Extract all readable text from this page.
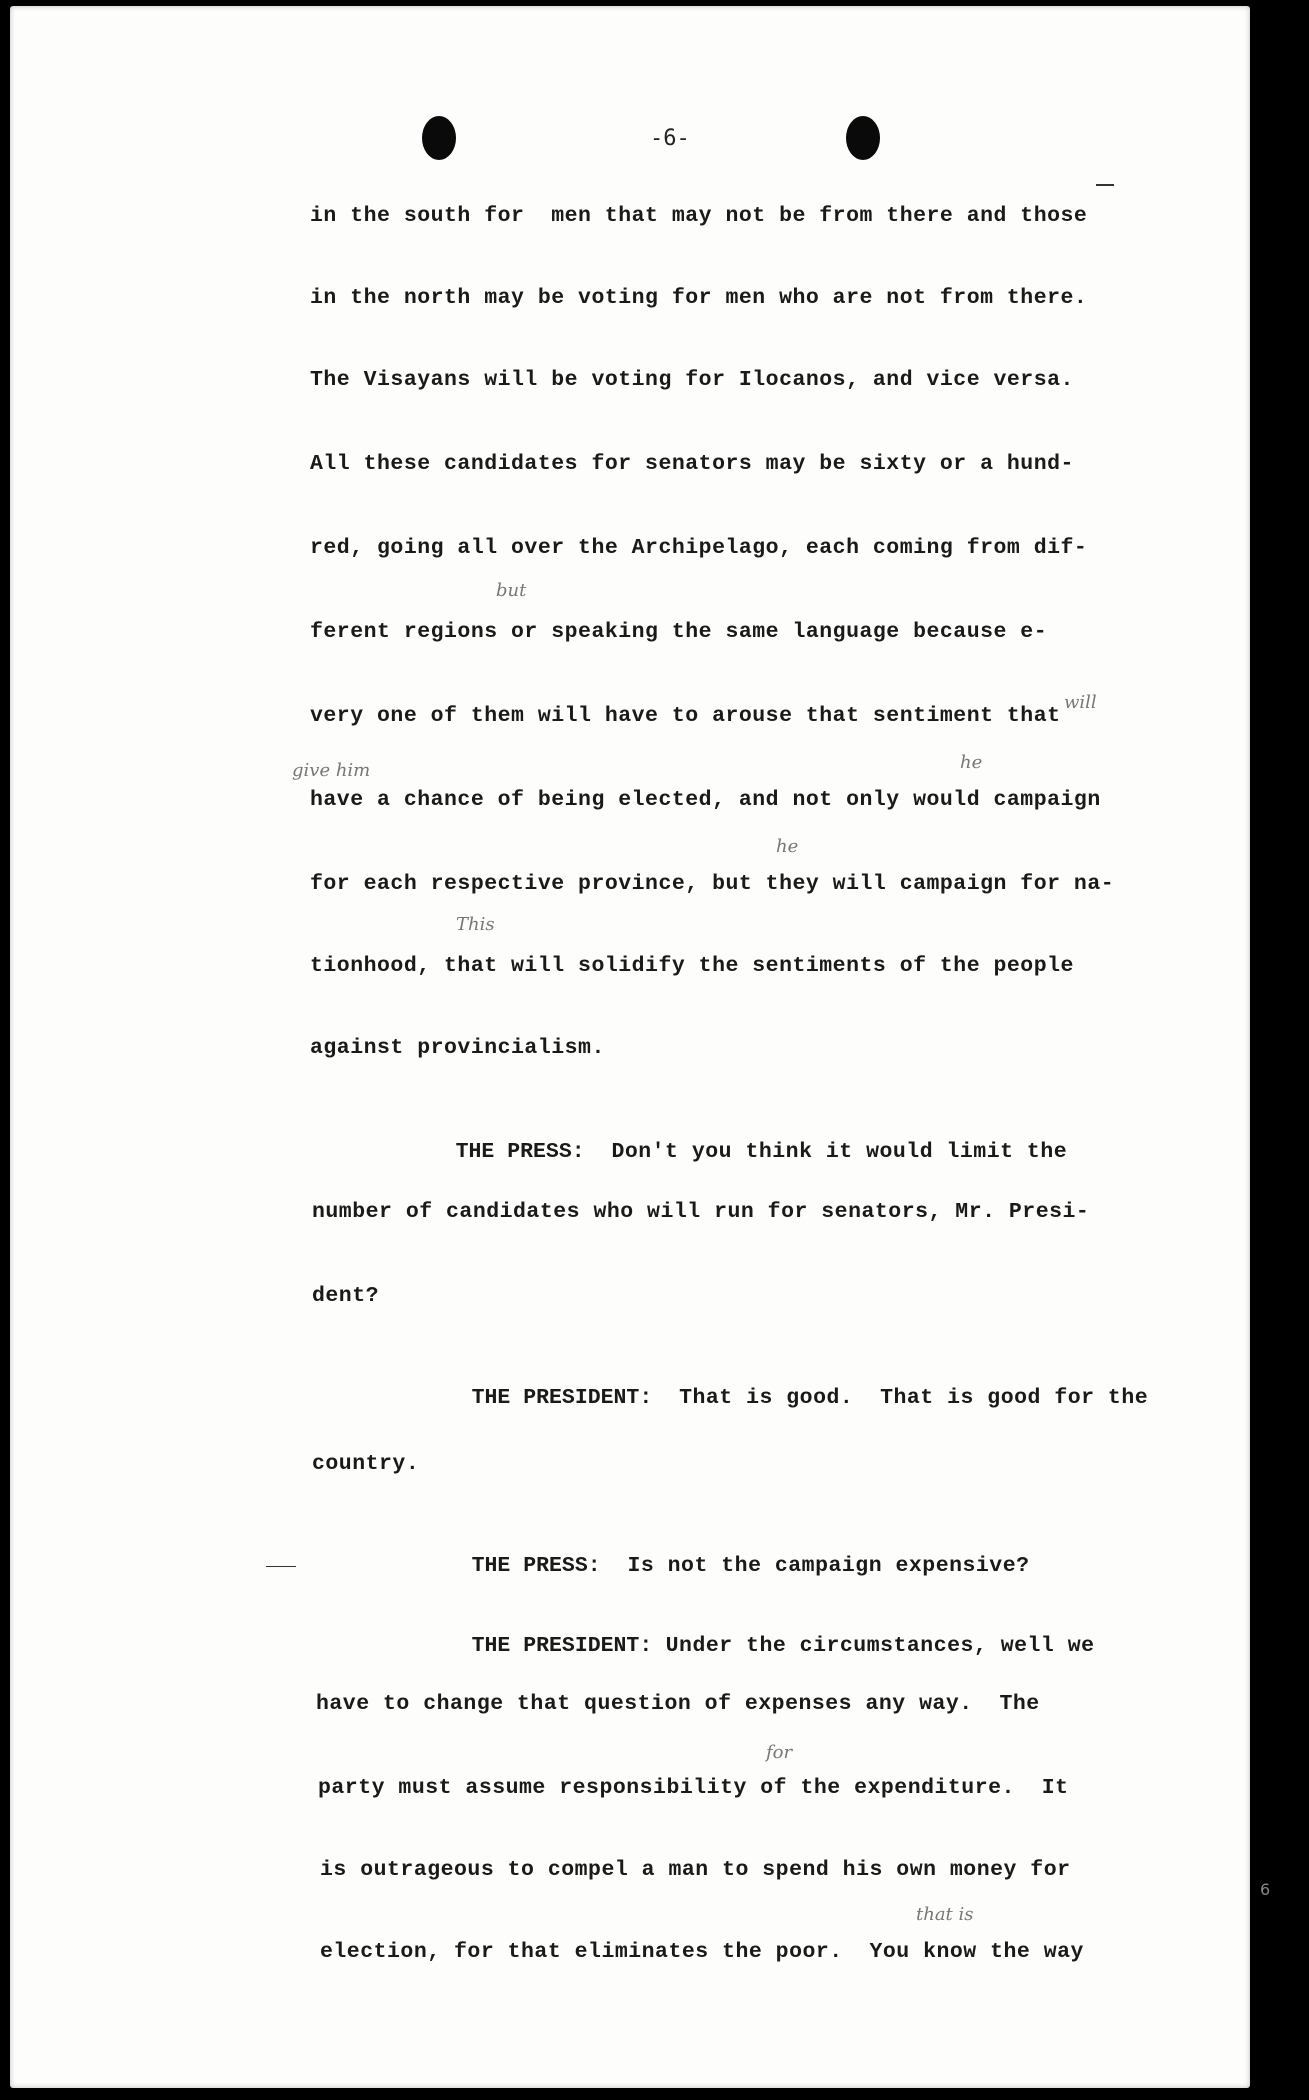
-6-
in the south for  men that may not be from there and those
in the north may be voting for men who are not from there.
The Visayans will be voting for Ilocanos, and vice versa.
All these candidates for senators may be sixty or a hund-
red, going all over the Archipelago, each coming from dif-
ferent regions or speaking the same language because e-
very one of them will have to arouse that sentiment that
have a chance of being elected, and not only would campaign
for each respective province, but they will campaign for na-
tionhood, that will solidify the sentiments of the people
against provincialism.

THE PRESS: Don't you think it would limit the

number of candidates who will run for senators, Mr. Presi-
dent?

THE PRESIDENT: That is good.  That is good for the

country.

THE PRESS: Is not the campaign expensive?

THE PRESIDENT: Under the circumstances, well we

have to change that question of expenses any way.  The
party must assume responsibility of the expenditure.  It
is outrageous to compel a man to spend his own money for
election, for that eliminates the poor.  You know the way
but
will
give him	he
he
This
for
that is
6
